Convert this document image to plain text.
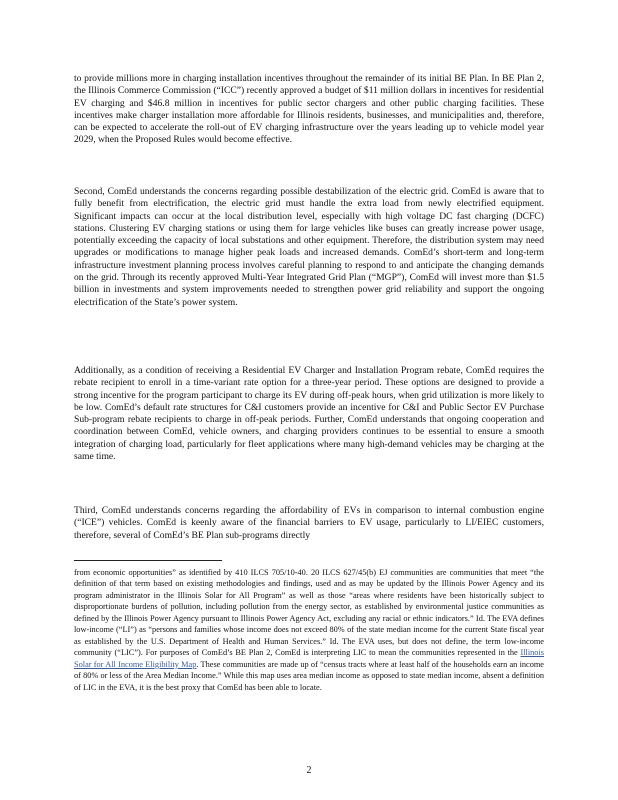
to provide millions more in charging installation incentives throughout the remainder of its initial BE Plan. In BE Plan 2, the Illinois Commerce Commission (“ICC”) recently approved a budget of $11 million dollars in incentives for residential EV charging and $46.8 million in incentives for public sector chargers and other public charging facilities. These incentives make charger installation more affordable for Illinois residents, businesses, and municipalities and, therefore, can be expected to accelerate the roll-out of EV charging infrastructure over the years leading up to vehicle model year 2029, when the Proposed Rules would become effective.

Second, ComEd understands the concerns regarding possible destabilization of the electric grid. ComEd is aware that to fully benefit from electrification, the electric grid must handle the extra load from newly electrified equipment. Significant impacts can occur at the local distribution level, especially with high voltage DC fast charging (DCFC) stations. Clustering EV charging stations or using them for large vehicles like buses can greatly increase power usage, potentially exceeding the capacity of local substations and other equipment. Therefore, the distribution system may need upgrades or modifications to manage higher peak loads and increased demands. ComEd’s short-term and long-term infrastructure investment planning process involves careful planning to respond to and anticipate the changing demands on the grid. Through its recently approved Multi-Year Integrated Grid Plan (“MGP”), ComEd will invest more than $1.5 billion in investments and system improvements needed to strengthen power grid reliability and support the ongoing electrification of the State’s power system.

Additionally, as a condition of receiving a Residential EV Charger and Installation Program rebate, ComEd requires the rebate recipient to enroll in a time-variant rate option for a three-year period. These options are designed to provide a strong incentive for the program participant to charge its EV during off-peak hours, when grid utilization is more likely to be low. ComEd’s default rate structures for C&I customers provide an incentive for C&I and Public Sector EV Purchase Sub-program rebate recipients to charge in off-peak periods. Further, ComEd understands that ongoing cooperation and coordination between ComEd, vehicle owners, and charging providers continues to be essential to ensure a smooth integration of charging load, particularly for fleet applications where many high-demand vehicles may be charging at the same time.

Third, ComEd understands concerns regarding the affordability of EVs in comparison to internal combustion engine (“ICE”) vehicles. ComEd is keenly aware of the financial barriers to EV usage, particularly to LI/EIEC customers, therefore, several of ComEd’s BE Plan sub-programs directly

from economic opportunities” as identified by 410 ILCS 705/10-40. 20 ILCS 627/45(b) EJ communities are communities that meet “the definition of that term based on existing methodologies and findings, used and as may be updated by the Illinois Power Agency and its program administrator in the Illinois Solar for All Program” as well as those “areas where residents have been historically subject to disproportionate burdens of pollution, including pollution from the energy sector, as established by environmental justice communities as defined by the Illinois Power Agency pursuant to Illinois Power Agency Act, excluding any racial or ethnic indicators.” Id. The EVA defines low-income (“LI”) as “persons and families whose income does not exceed 80% of the state median income for the current State fiscal year as established by the U.S. Department of Health and Human Services.” Id. The EVA uses, but does not define, the term low-income community (“LIC”). For purposes of ComEd’s BE Plan 2, ComEd is interpreting LIC to mean the communities represented in the Illinois Solar for All Income Eligibility Map. These communities are made up of “census tracts where at least half of the households earn an income of 80% or less of the Area Median Income.” While this map uses area median income as opposed to state median income, absent a definition of LIC in the EVA, it is the best proxy that ComEd has been able to locate.

2
